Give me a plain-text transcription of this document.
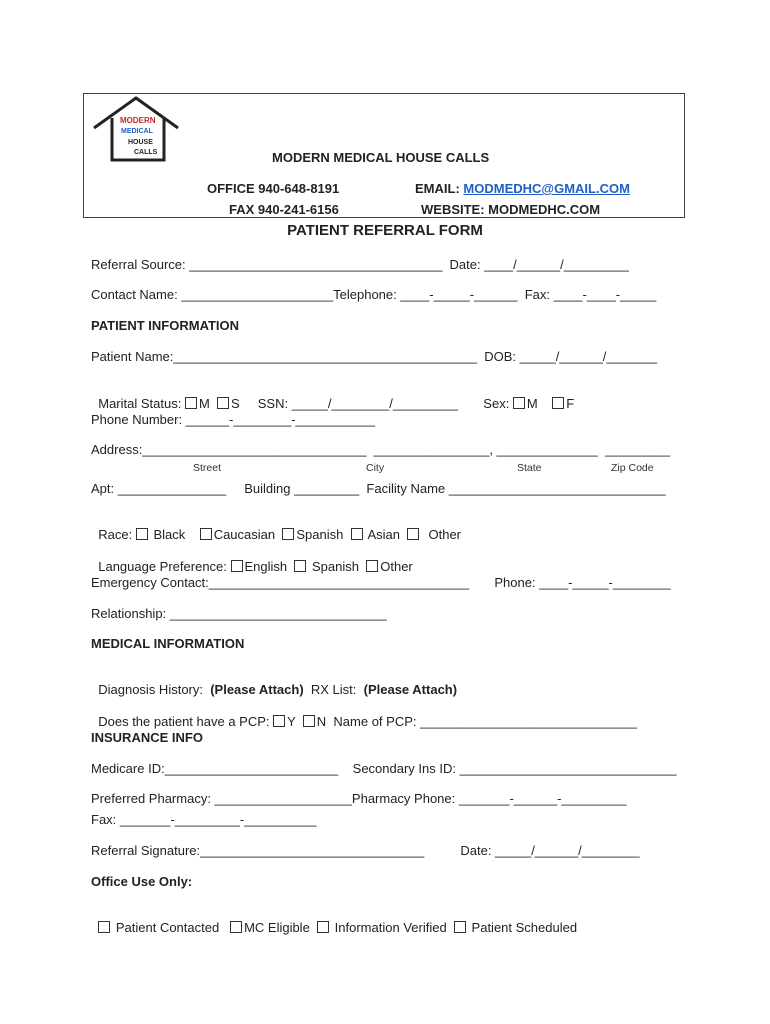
MODERN
MEDICAL
HOUSE
CALLS	MODERN MEDICAL HOUSE CALLS
OFFICE 940-648-8191
FAX 940-241-6156
EMAIL: MODMEDHC@GMAIL.COM
WEBSITE: MODMEDHC.COM
PATIENT REFERRAL FORM
Referral Source: ___________________________________  Date: ____/______/_________
Contact Name: _____________________Telephone: ____-_____-______  Fax: ____-____-_____
PATIENT INFORMATION
Patient Name:__________________________________________  DOB: _____/______/_______

Marital Status: M S SSN: _____/________/_________ Sex: M F

Phone Number: ______-________-___________
Address:_______________________________  ________________, ______________  _________
Street	City	State	Zip Code
Apt: _______________     Building _________  Facility Name ______________________________

Race:  Black Caucasian Spanish Asian Other

Language Preference: English Spanish Other

Emergency Contact:____________________________________       Phone: ____-_____-________
Relationship: ______________________________
MEDICAL INFORMATION

Diagnosis History:  (Please Attach)  RX List:  (Please Attach)

Does the patient have a PCP: Y N  Name of PCP: ______________________________

INSURANCE INFO
Medicare ID:________________________    Secondary Ins ID: ______________________________
Preferred Pharmacy: ___________________Pharmacy Phone: _______-______-_________
Fax: _______-_________-__________
Referral Signature:_______________________________          Date: _____/______/________
Office Use Only:

Patient Contacted MC Eligible Information Verified Patient Scheduled
